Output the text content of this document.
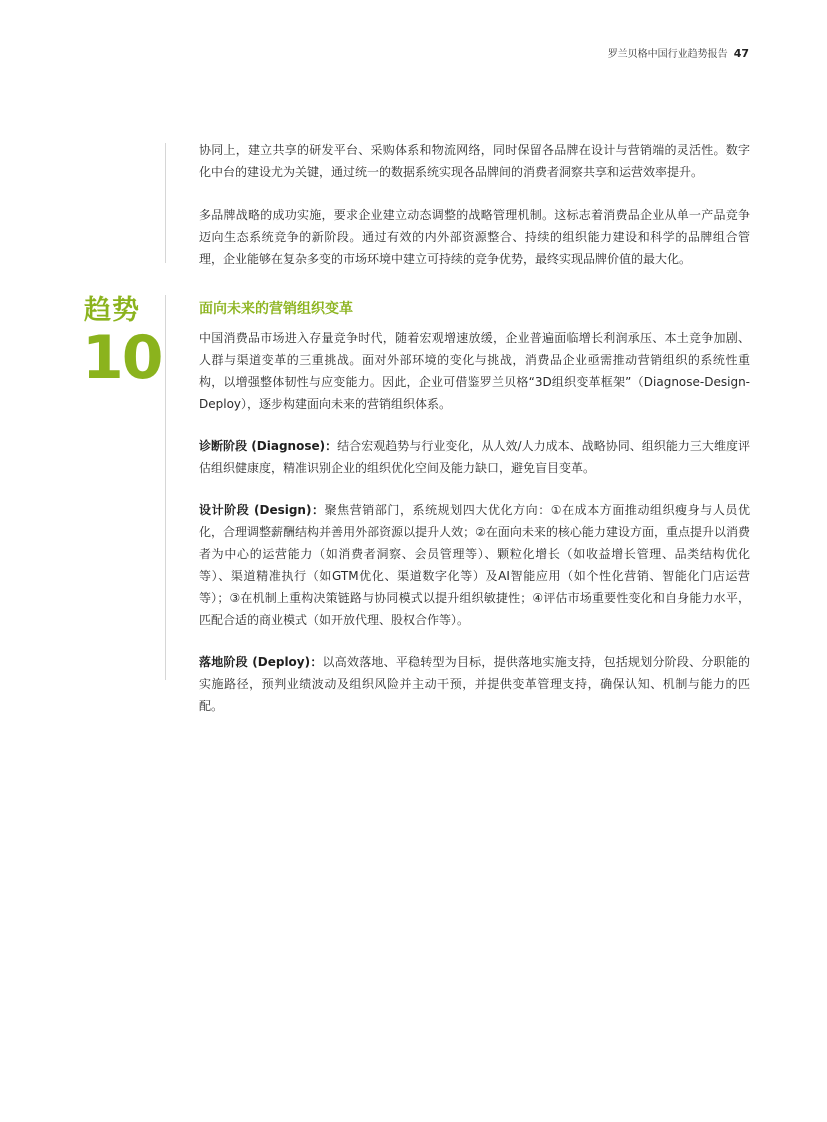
罗兰贝格中国行业趋势报告 47

协同上，建立共享的研发平台、采购体系和物流网络，同时保留各品牌在设计与营销端的灵活性。数字化中台的建设尤为关键，通过统一的数据系统实现各品牌间的消费者洞察共享和运营效率提升。

多品牌战略的成功实施，要求企业建立动态调整的战略管理机制。这标志着消费品企业从单一产品竞争迈向生态系统竞争的新阶段。通过有效的内外部资源整合、持续的组织能力建设和科学的品牌组合管理，企业能够在复杂多变的市场环境中建立可持续的竞争优势，最终实现品牌价值的最大化。

趋势
10
面向未来的营销组织变革

中国消费品市场进入存量竞争时代，随着宏观增速放缓，企业普遍面临增长利润承压、本土竞争加剧、人群与渠道变革的三重挑战。面对外部环境的变化与挑战，消费品企业亟需推动营销组织的系统性重构，以增强整体韧性与应变能力。因此，企业可借鉴罗兰贝格“3D组织变革框架”（Diagnose-Design-Deploy），逐步构建面向未来的营销组织体系。

诊断阶段 (Diagnose)：结合宏观趋势与行业变化，从人效/人力成本、战略协同、组织能力三大维度评估组织健康度，精准识别企业的组织优化空间及能力缺口，避免盲目变革。

设计阶段 (Design)：聚焦营销部门，系统规划四大优化方向：①在成本方面推动组织瘦身与人员优化，合理调整薪酬结构并善用外部资源以提升人效；②在面向未来的核心能力建设方面，重点提升以消费者为中心的运营能力（如消费者洞察、会员管理等）、颗粒化增长（如收益增长管理、品类结构优化等）、渠道精准执行（如GTM优化、渠道数字化等）及AI智能应用（如个性化营销、智能化门店运营等）；③在机制上重构决策链路与协同模式以提升组织敏捷性；④评估市场重要性变化和自身能力水平，匹配合适的商业模式（如开放代理、股权合作等）。

落地阶段 (Deploy)：以高效落地、平稳转型为目标，提供落地实施支持，包括规划分阶段、分职能的实施路径，预判业绩波动及组织风险并主动干预，并提供变革管理支持，确保认知、机制与能力的匹配。
